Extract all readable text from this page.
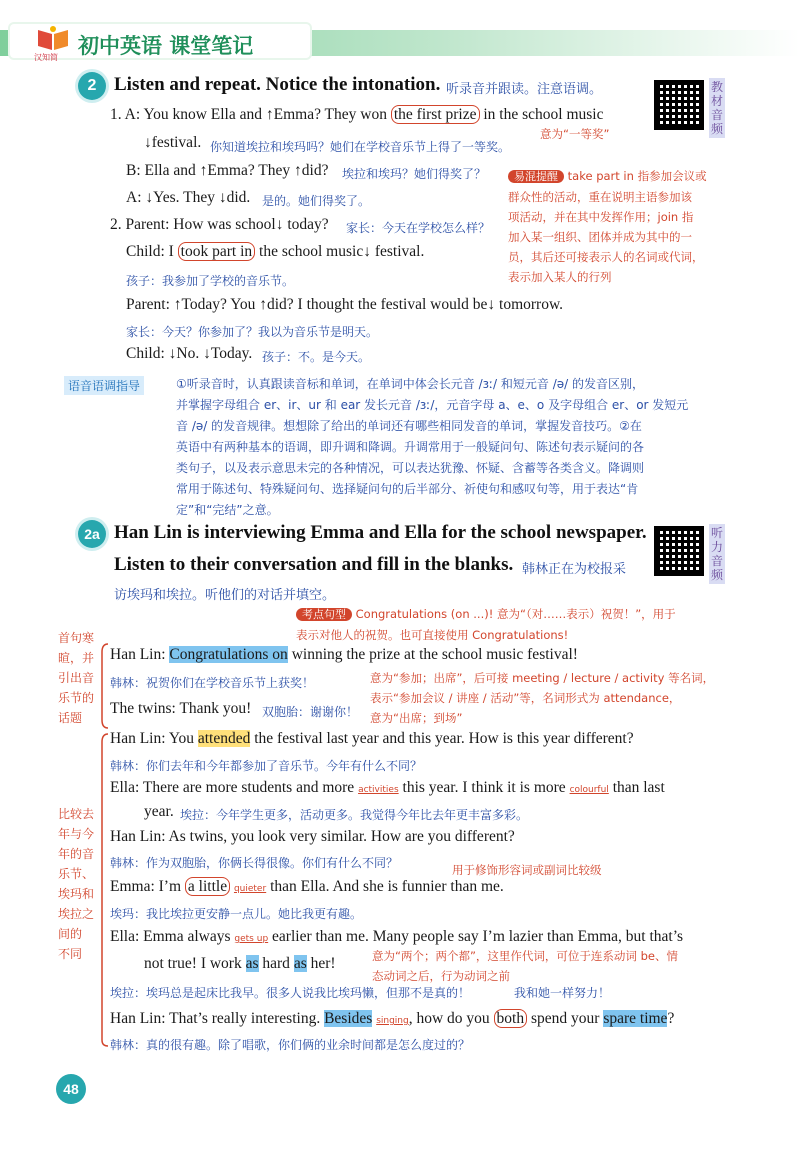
汉知简 初中英语 课堂笔记
2 Listen and repeat. Notice the intonation. 听录音并跟读。注意语调。	教材音频
1. A: You know Ella and ↑Emma? They won the first prize in the school music
意为“一等奖”
↓festival. 你知道埃拉和埃玛吗？她们在学校音乐节上得了一等奖。
B: Ella and ↑Emma? They ↑did? 埃拉和埃玛？她们得奖了？
A: ↓Yes. They ↓did. 是的。她们得奖了。
2. Parent: How was school↓ today? 家长：今天在学校怎么样？
Child: I took part in the school music↓ festival.
孩子：我参加了学校的音乐节。
Parent: ↑Today? You ↑did? I thought the festival would be↓ tomorrow.
家长：今天？你参加了？我以为音乐节是明天。
Child: ↓No. ↓Today. 孩子：不。是今天。
易混提醒 take part in 指参加会议或
群众性的活动，重在说明主语参加该
项活动，并在其中发挥作用；join 指
加入某一组织、团体并成为其中的一
员，其后还可接表示人的名词或代词，
表示加入某人的行列
语音语调指导	①听录音时，认真跟读音标和单词，在单词中体会长元音 /ɜː/ 和短元音 /ə/ 的发音区别，
并掌握字母组合 er、ir、ur 和 ear 发长元音 /ɜː/，元音字母 a、e、o 及字母组合 er、or 发短元
音 /ə/ 的发音规律。想想除了给出的单词还有哪些相同发音的单词，掌握发音技巧。②在
英语中有两种基本的语调，即升调和降调。升调常用于一般疑问句、陈述句表示疑问的各
类句子，以及表示意思未完的各种情况，可以表达犹豫、怀疑、含蓄等各类含义。降调则
常用于陈述句、特殊疑问句、选择疑问句的后半部分、祈使句和感叹句等，用于表达“肯
定”和“完结”之意。
2a Han Lin is interviewing Emma and Ella for the school newspaper.
Listen to their conversation and fill in the blanks. 韩林正在为校报采
访埃玛和埃拉。听他们的对话并填空。
听力音频
考点句型 Congratulations (on ...)! 意为“（对……表示）祝贺！”，用于
表示对他人的祝贺。也可直接使用 Congratulations!
首句寒
暄，并
引出音
乐节的
话题
比较去
年与今
年的音
乐节、
埃玛和
埃拉之
间的
不同
Han Lin: Congratulations on winning the prize at the school music festival!
韩林：祝贺你们在学校音乐节上获奖！
The twins: Thank you! 双胞胎：谢谢你！
意为“参加；出席”，后可接 meeting / lecture / activity 等名词，
表示“参加会议 / 讲座 / 活动”等，名词形式为 attendance，
意为“出席；到场”
Han Lin: You attended the festival last year and this year. How is this year different?
韩林：你们去年和今年都参加了音乐节。今年有什么不同？
Ella: There are more students and more activities this year. I think it is more colourful than last
year. 埃拉：今年学生更多，活动更多。我觉得今年比去年更丰富多彩。
Han Lin: As twins, you look very similar. How are you different?
韩林：作为双胞胎，你俩长得很像。你们有什么不同？	用于修饰形容词或副词比较级
Emma: I’m a little quieter than Ella. And she is funnier than me.
埃玛：我比埃拉更安静一点儿。她比我更有趣。
Ella: Emma always gets up earlier than me. Many people say I’m lazier than Emma, but that’s
not true! I work as hard as her!	意为“两个；两个都”，这里作代词，可位于连系动词 be、情
态动词之后，行为动词之前
埃拉：埃玛总是起床比我早。很多人说我比埃玛懒，但那不是真的！	我和她一样努力！
Han Lin: That’s really interesting. Besides singing, how do you both spend your spare time?
韩林：真的很有趣。除了唱歌，你们俩的业余时间都是怎么度过的？
48
